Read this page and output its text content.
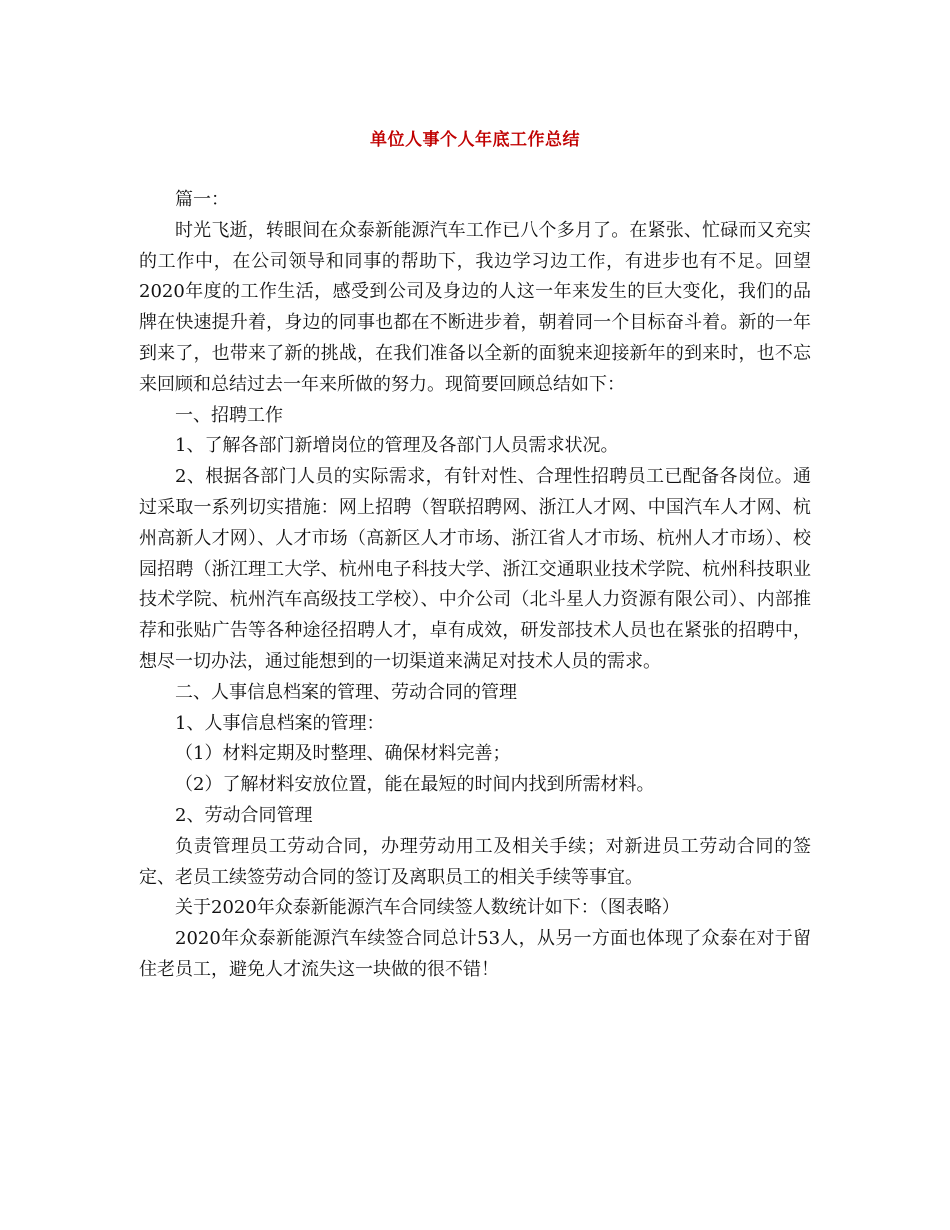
单位人事个人年底工作总结

篇一：

时光飞逝，转眼间在众泰新能源汽车工作已八个多月了。在紧张、忙碌而又充实的工作中，在公司领导和同事的帮助下，我边学习边工作，有进步也有不足。回望2020年度的工作生活，感受到公司及身边的人这一年来发生的巨大变化，我们的品牌在快速提升着，身边的同事也都在不断进步着，朝着同一个目标奋斗着。新的一年到来了，也带来了新的挑战，在我们准备以全新的面貌来迎接新年的到来时，也不忘来回顾和总结过去一年来所做的努力。现简要回顾总结如下：

一、招聘工作

1、了解各部门新增岗位的管理及各部门人员需求状况。

2、根据各部门人员的实际需求，有针对性、合理性招聘员工已配备各岗位。通过采取一系列切实措施：网上招聘（智联招聘网、浙江人才网、中国汽车人才网、杭州高新人才网）、人才市场（高新区人才市场、浙江省人才市场、杭州人才市场）、校园招聘（浙江理工大学、杭州电子科技大学、浙江交通职业技术学院、杭州科技职业技术学院、杭州汽车高级技工学校）、中介公司（北斗星人力资源有限公司）、内部推荐和张贴广告等各种途径招聘人才，卓有成效，研发部技术人员也在紧张的招聘中，想尽一切办法，通过能想到的一切渠道来满足对技术人员的需求。

二、人事信息档案的管理、劳动合同的管理

1、人事信息档案的管理：

（1）材料定期及时整理、确保材料完善；

（2）了解材料安放位置，能在最短的时间内找到所需材料。

2、劳动合同管理

负责管理员工劳动合同，办理劳动用工及相关手续；对新进员工劳动合同的签定、老员工续签劳动合同的签订及离职员工的相关手续等事宜。

关于2020年众泰新能源汽车合同续签人数统计如下：（图表略）

2020年众泰新能源汽车续签合同总计53人，从另一方面也体现了众泰在对于留住老员工，避免人才流失这一块做的很不错！
